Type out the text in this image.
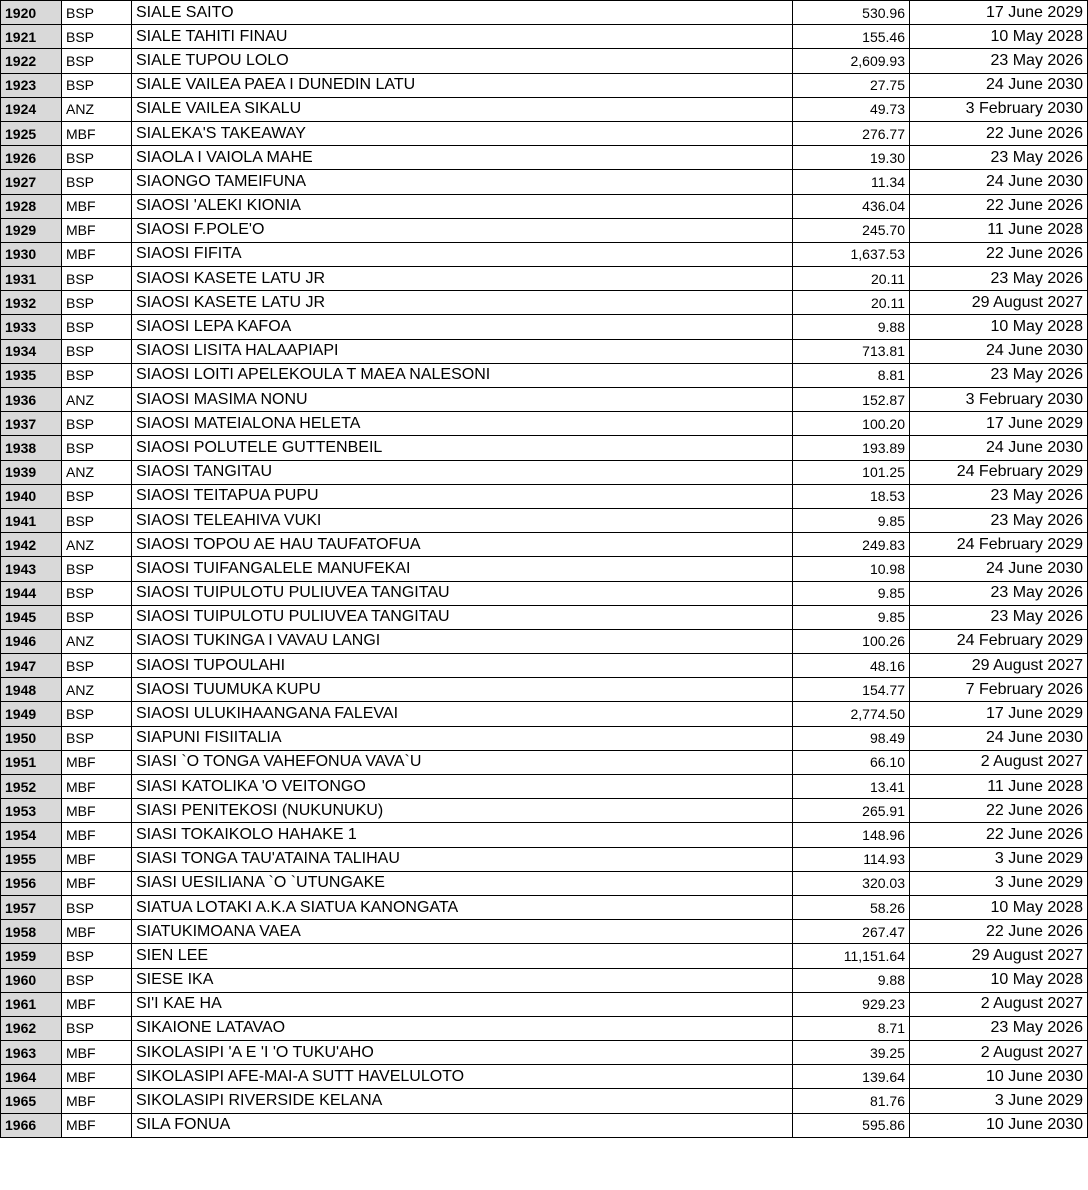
1920	BSP	SIALE SAITO	530.96	17 June 2029
1921	BSP	SIALE TAHITI FINAU	155.46	10 May 2028
1922	BSP	SIALE TUPOU LOLO	2,609.93	23 May 2026
1923	BSP	SIALE VAILEA PAEA I DUNEDIN LATU	27.75	24 June 2030
1924	ANZ	SIALE VAILEA SIKALU	49.73	3 February 2030
1925	MBF	SIALEKA'S TAKEAWAY	276.77	22 June 2026
1926	BSP	SIAOLA I VAIOLA MAHE	19.30	23 May 2026
1927	BSP	SIAONGO TAMEIFUNA	11.34	24 June 2030
1928	MBF	SIAOSI 'ALEKI KIONIA	436.04	22 June 2026
1929	MBF	SIAOSI F.POLE'O	245.70	11 June 2028
1930	MBF	SIAOSI FIFITA	1,637.53	22 June 2026
1931	BSP	SIAOSI KASETE LATU JR	20.11	23 May 2026
1932	BSP	SIAOSI KASETE LATU JR	20.11	29 August 2027
1933	BSP	SIAOSI LEPA KAFOA	9.88	10 May 2028
1934	BSP	SIAOSI LISITA HALAAPIAPI	713.81	24 June 2030
1935	BSP	SIAOSI LOITI APELEKOULA T MAEA NALESONI	8.81	23 May 2026
1936	ANZ	SIAOSI MASIMA NONU	152.87	3 February 2030
1937	BSP	SIAOSI MATEIALONA HELETA	100.20	17 June 2029
1938	BSP	SIAOSI POLUTELE GUTTENBEIL	193.89	24 June 2030
1939	ANZ	SIAOSI TANGITAU	101.25	24 February 2029
1940	BSP	SIAOSI TEITAPUA PUPU	18.53	23 May 2026
1941	BSP	SIAOSI TELEAHIVA VUKI	9.85	23 May 2026
1942	ANZ	SIAOSI TOPOU AE HAU TAUFATOFUA	249.83	24 February 2029
1943	BSP	SIAOSI TUIFANGALELE MANUFEKAI	10.98	24 June 2030
1944	BSP	SIAOSI TUIPULOTU PULIUVEA TANGITAU	9.85	23 May 2026
1945	BSP	SIAOSI TUIPULOTU PULIUVEA TANGITAU	9.85	23 May 2026
1946	ANZ	SIAOSI TUKINGA I VAVAU LANGI	100.26	24 February 2029
1947	BSP	SIAOSI TUPOULAHI	48.16	29 August 2027
1948	ANZ	SIAOSI TUUMUKA KUPU	154.77	7 February 2026
1949	BSP	SIAOSI ULUKIHAANGANA FALEVAI	2,774.50	17 June 2029
1950	BSP	SIAPUNI FISIITALIA	98.49	24 June 2030
1951	MBF	SIASI `O TONGA VAHEFONUA VAVA`U	66.10	2 August 2027
1952	MBF	SIASI KATOLIKA 'O VEITONGO	13.41	11 June 2028
1953	MBF	SIASI PENITEKOSI (NUKUNUKU)	265.91	22 June 2026
1954	MBF	SIASI TOKAIKOLO HAHAKE 1	148.96	22 June 2026
1955	MBF	SIASI TONGA TAU'ATAINA TALIHAU	114.93	3 June 2029
1956	MBF	SIASI UESILIANA `O `UTUNGAKE	320.03	3 June 2029
1957	BSP	SIATUA LOTAKI A.K.A SIATUA KANONGATA	58.26	10 May 2028
1958	MBF	SIATUKIMOANA VAEA	267.47	22 June 2026
1959	BSP	SIEN LEE	11,151.64	29 August 2027
1960	BSP	SIESE IKA	9.88	10 May 2028
1961	MBF	SI'I KAE HA	929.23	2 August 2027
1962	BSP	SIKAIONE LATAVAO	8.71	23 May 2026
1963	MBF	SIKOLASIPI 'A E 'I 'O TUKU'AHO	39.25	2 August 2027
1964	MBF	SIKOLASIPI AFE-MAI-A SUTT HAVELULOTO	139.64	10 June 2030
1965	MBF	SIKOLASIPI RIVERSIDE KELANA	81.76	3 June 2029
1966	MBF	SILA FONUA	595.86	10 June 2030
